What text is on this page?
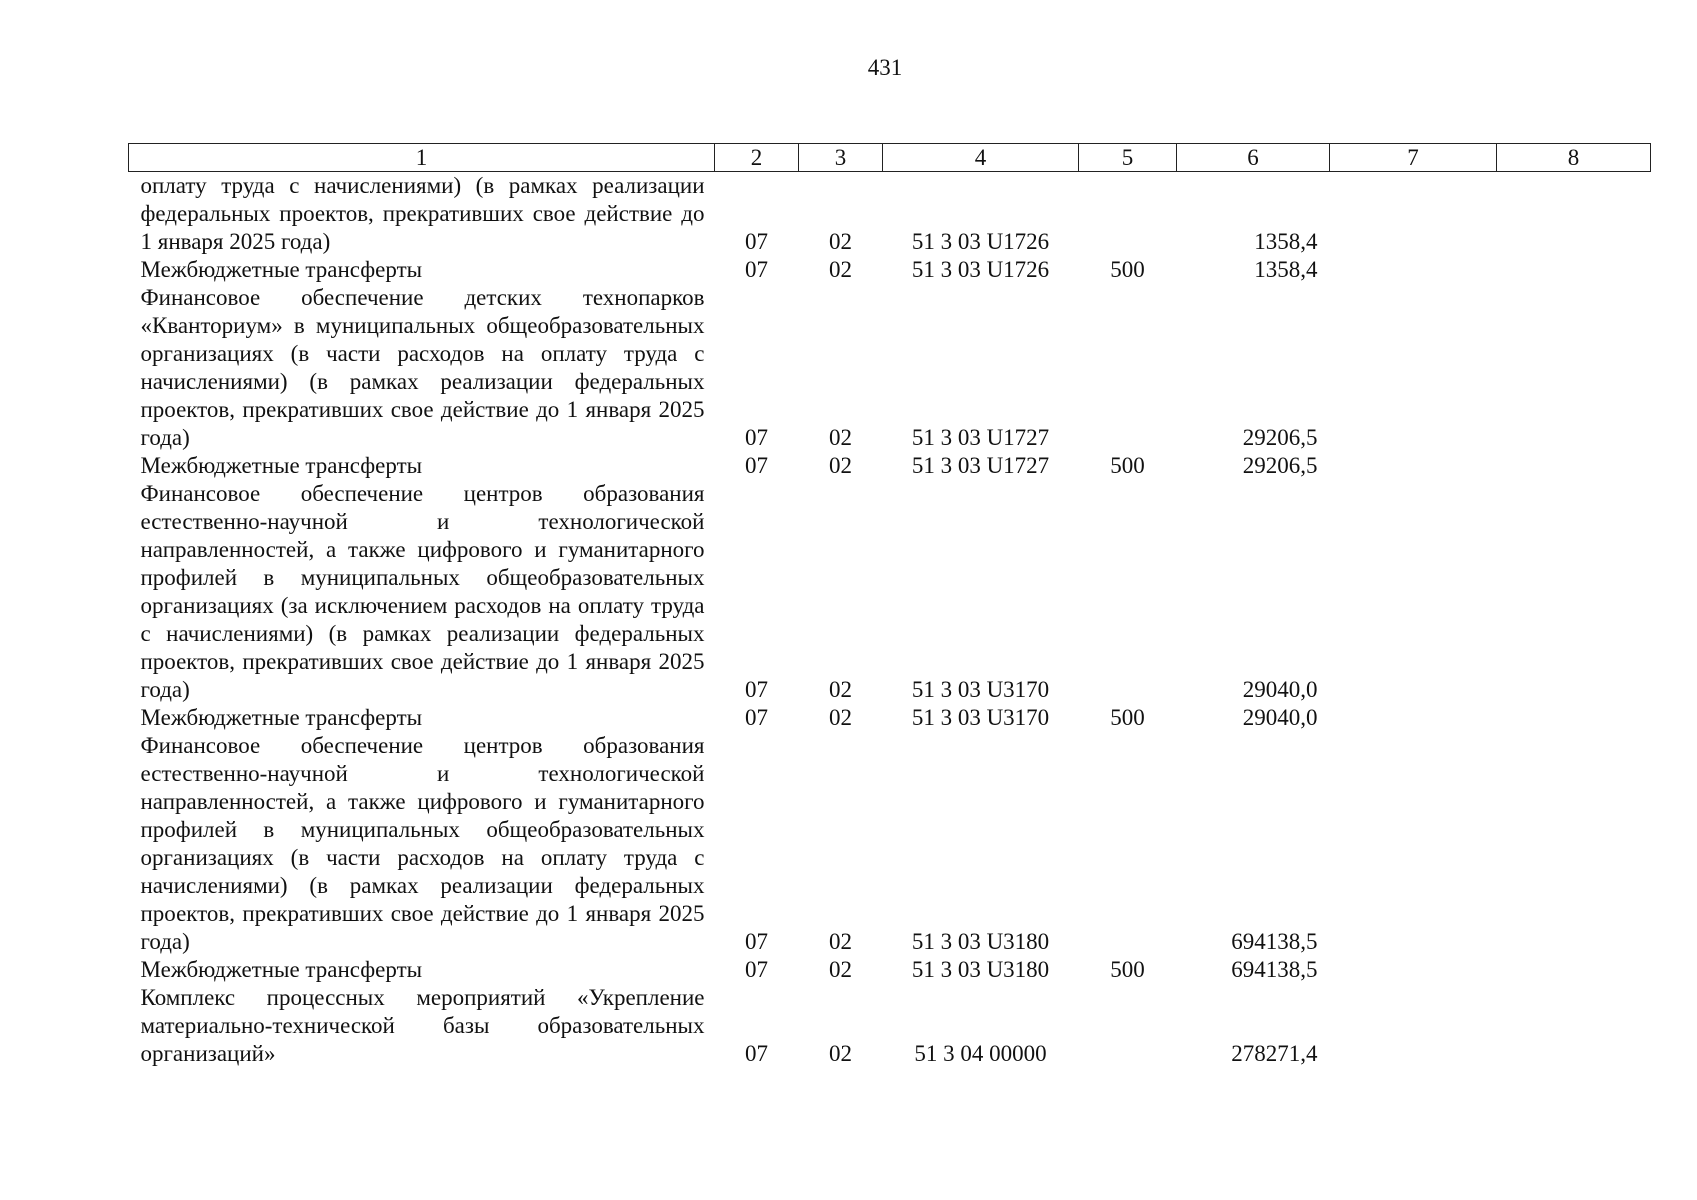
431
1	2	3	4	5	6	7	8
оплату труда с начислениями) (в рамках реализации федеральных проектов, прекративших свое действие до 1 января 2025 года)	07	02	51 3 03 U1726		1358,4		
Межбюджетные трансферты	07	02	51 3 03 U1726	500	1358,4		
Финансовое обеспечение детских технопарков «Кванториум» в муниципальных общеобразовательных организациях (в части расходов на оплату труда с начислениями) (в рамках реализации федеральных проектов, прекративших свое действие до 1 января 2025 года)	07	02	51 3 03 U1727		29206,5		
Межбюджетные трансферты	07	02	51 3 03 U1727	500	29206,5		
Финансовое обеспечение центров образования естественно-научной и технологической направленностей, а также цифрового и гуманитарного профилей в муниципальных общеобразовательных организациях (за исключением расходов на оплату труда с начислениями) (в рамках реализации федеральных проектов, прекративших свое действие до 1 января 2025 года)	07	02	51 3 03 U3170		29040,0		
Межбюджетные трансферты	07	02	51 3 03 U3170	500	29040,0		
Финансовое обеспечение центров образования естественно-научной и технологической направленностей, а также цифрового и гуманитарного профилей в муниципальных общеобразовательных организациях (в части расходов на оплату труда с начислениями) (в рамках реализации федеральных проектов, прекративших свое действие до 1 января 2025 года)	07	02	51 3 03 U3180		694138,5		
Межбюджетные трансферты	07	02	51 3 03 U3180	500	694138,5		
Комплекс процессных мероприятий «Укрепление материально-технической базы образовательных организаций»	07	02	51 3 04 00000		278271,4		
